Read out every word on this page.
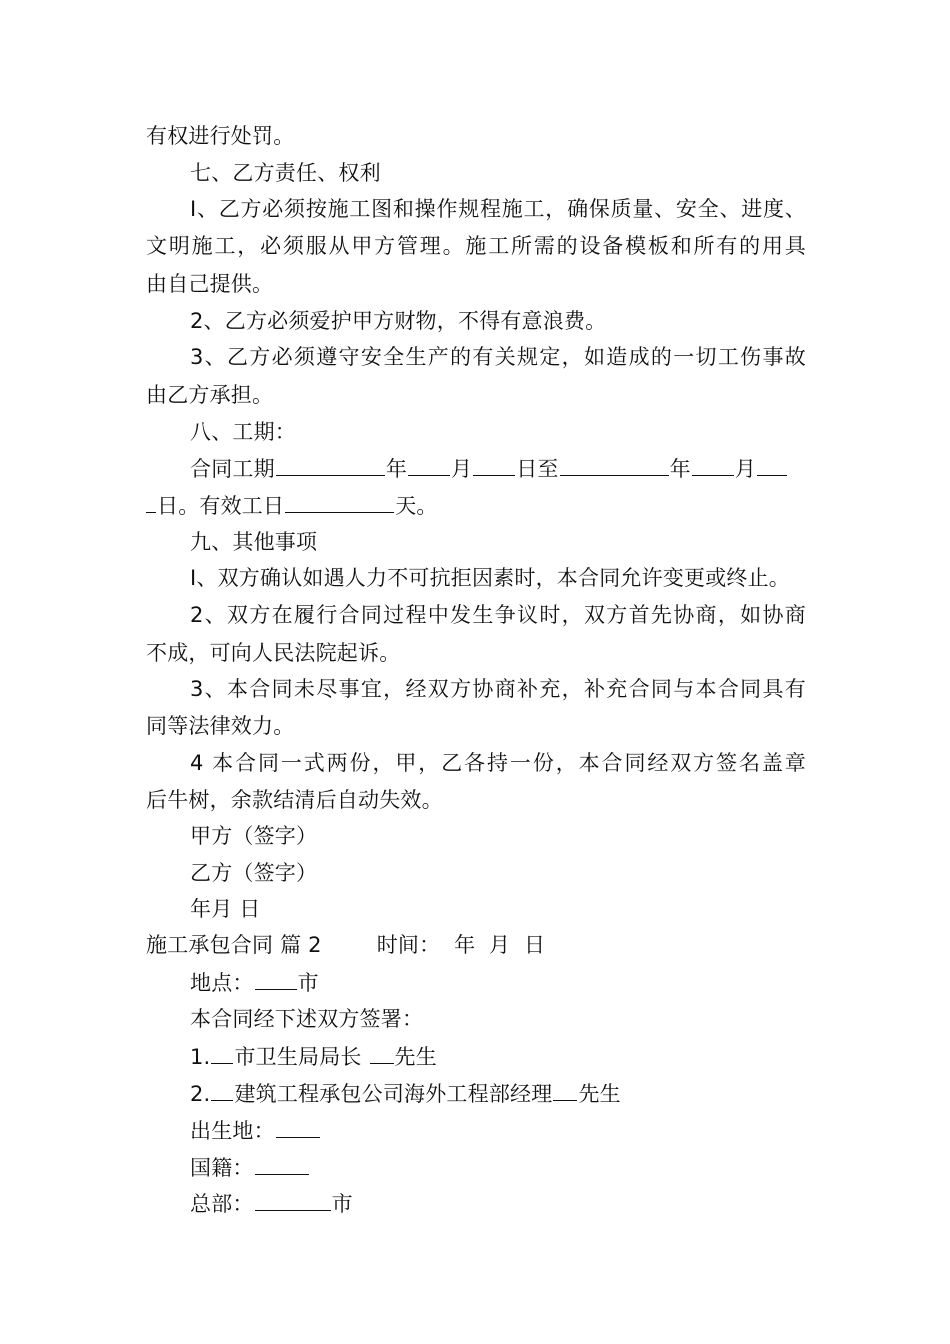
有权进行处罚。
七、乙方责任、权利
I、乙方必须按施工图和操作规程施工，确保质量、安全、进度、
文明施工，必须服从甲方管理。施工所需的设备模板和所有的用具
由自己提供。
2、乙方必须爱护甲方财物，不得有意浪费。
3、乙方必须遵守安全生产的有关规定，如造成的一切工伤事故
由乙方承担。
八、工期：
合同工期	年 月 日至	年 月
日。有效工日	天。
九、其他事项
I、双方确认如遇人力不可抗拒因素时，本合同允许变更或终止。
2、双方在履行合同过程中发生争议时，双方首先协商，如协商
不成，可向人民法院起诉。
3、本合同未尽事宜，经双方协商补充，补充合同与本合同具有
同等法律效力。
4 本合同一式两份，甲，乙各持一份，本合同经双方签名盖章
后牛树，余款结清后自动失效。
甲方（签字）
乙方（签字）
年月 日
施工承包合同 篇 2        时间：  年  月  日
地点： 市
本合同经下述双方签署：
1. 市卫生局局长 先生
2. 建筑工程承包公司海外工程部经理 先生
出生地：
国籍：
总部：	市
